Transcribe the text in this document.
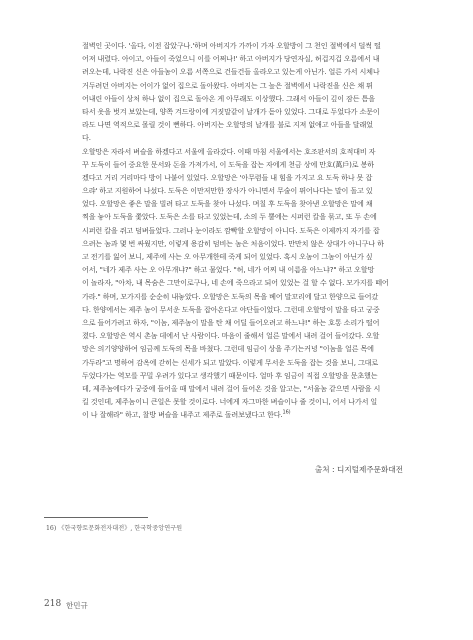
절벽인 곳이다. '올다, 이전 잡았구나.'하며 아버지가 가까이 가자 오할방이 그 천인 절벽에서 덜썩 떨
어져 내렸다. 아이고, 아들이 죽었으니 이를 어쩌나!' 하고 아버지가 당연자실, 허겁지겁 오름에서 내
려오는데, 나락진 신은 아들놈이 오름 서쪽으로 건들건들 올라오고 있는게 아닌가. 얼른 가서 시체나
거두려던 아버지는 어이가 없어 집으로 돌아왔다. 아버지는 그 높은 절벽에서 나락진을 신은 채 뛰
어내린 아들이 상처 하나 없이 집으로 돌아온 게 아무래도 이상했다. 그래서 아들이 깊이 잠든 틈을
타서 옷을 벗겨 보았는데, 양쪽 겨드랑이에 거짓말같이 날개가 돋아 있었다. 그대로 두었다가 소문이
라도 나면 역적으로 몰릴 것이 뻔하다. 아버지는 오할망의 날개를 불로 지져 없애고 아들을 달래었
다.

오할망은 자라서 벼슬을 하겠다고 서울에 올라갔다. 이때 마침 서울에서는 호조판서의 호적대비 자
꾸 도둑이 들어 중요한 문서와 돈을 가져가서, 이 도둑을 잡는 자에게 천금 상에 만호(萬戶)로 봉하
겠다고 거리 거리마다 방이 나붙어 있었다. 오할망은 '아무렴들 내 힘을 가지고 요 도둑 하나 못 잡
으랴' 하고 지원하여 나섰다. 도둑은 이만저만한 장사가 아니면서 무술이 뛰어나다는 말이 돌고 있
었다. 오할망은 좋은 말을 빌려 타고 도둑을 찾아 나섰다. 며칠 후 도둑을 찾아낸 오할망은 말에 채
찍을 놓아 도둑을 쫓았다. 도둑은 소를 타고 있었는데, 소의 두 뿔에는 시퍼런 칼을 묶고, 또 두 손에
시퍼런 칼을 쥐고 덤벼들었다. 그러나 눈이라도 깜빡할 오할망이 아니다. 도둑은 이제까지 자기를 잡
으려는 놈과 몇 번 싸웠지만, 이렇게 용감히 덤비는 놈은 처음이었다. 만만치 않은 상대가 아니구나 하
고 전기를 잃어 보니, 제주에 사는 오 아무개한테 죽게 되어 있었다. 혹시 오놈이 그놈이 아닌가 싶
어서, "네가 제주 사는 오 아무개냐?" 하고 물었다. "허, 네가 어찌 내 이름을 아느냐?" 하고 오할망
이 놀라자, "아차, 내 목숨은 그만이로구나, 네 손에 죽으라고 되어 있었는 걸 할 수 없다. 모가지를 떼어
가라." 하며, 모가지를 순순히 내놓았다. 오할망은 도둑의 목을 베어 말꼬리에 달고 한양으로 들어갔
다. 한양에서는 제주 놈이 무서운 도둑을 잡아온다고 야단들이었다. 그런데 오할망이 말을 타고 궁중
으로 들어가려고 하자, "이놈, 제주놈이 말을 탄 채 어딜 들어오려고 하느냐!" 하는 호통 소리가 떨어
졌다. 오할망은 역시 촌놈 데에서 난 사람이다. 마음이 줄해서 얼른 말에서 내려 걸어 들어갔다. 오할
망은 의기양양하여 임금께 도둑의 목을 바쳤다. 그런데 임금이 상을 주기는커녕 "이놈을 얼른 목에
가두라"고 명하여 감옥에 갇히는 신세가 되고 말았다. 이렇게 무서운 도둑을 잡는 것을 보니, 그대로
두었다가는 역모를 꾸밀 우려가 있다고 생각했기 때문이다. 얼마 후 임금이 직접 오할망을 문초했는
데, 제주놈에다가 궁중에 들어올 때 말에서 내려 걸어 들어온 것을 알고는, "서울놈 같으면 사람을 시
킬 것인데, 제주놈이니 큰일은 못할 것이로다. 너에게 자그마한 벼슬이나 줄 것이니, 어서 나가서 일
이 나 잘해라" 하고, 찰방 벼슬을 내주고 제주로 돌려보냈다고 한다.$^{16)}$

출처 : 디지털제주문화대전
16) 《한국향토문화전자대전》, 한국학중앙연구원
218 한민규
